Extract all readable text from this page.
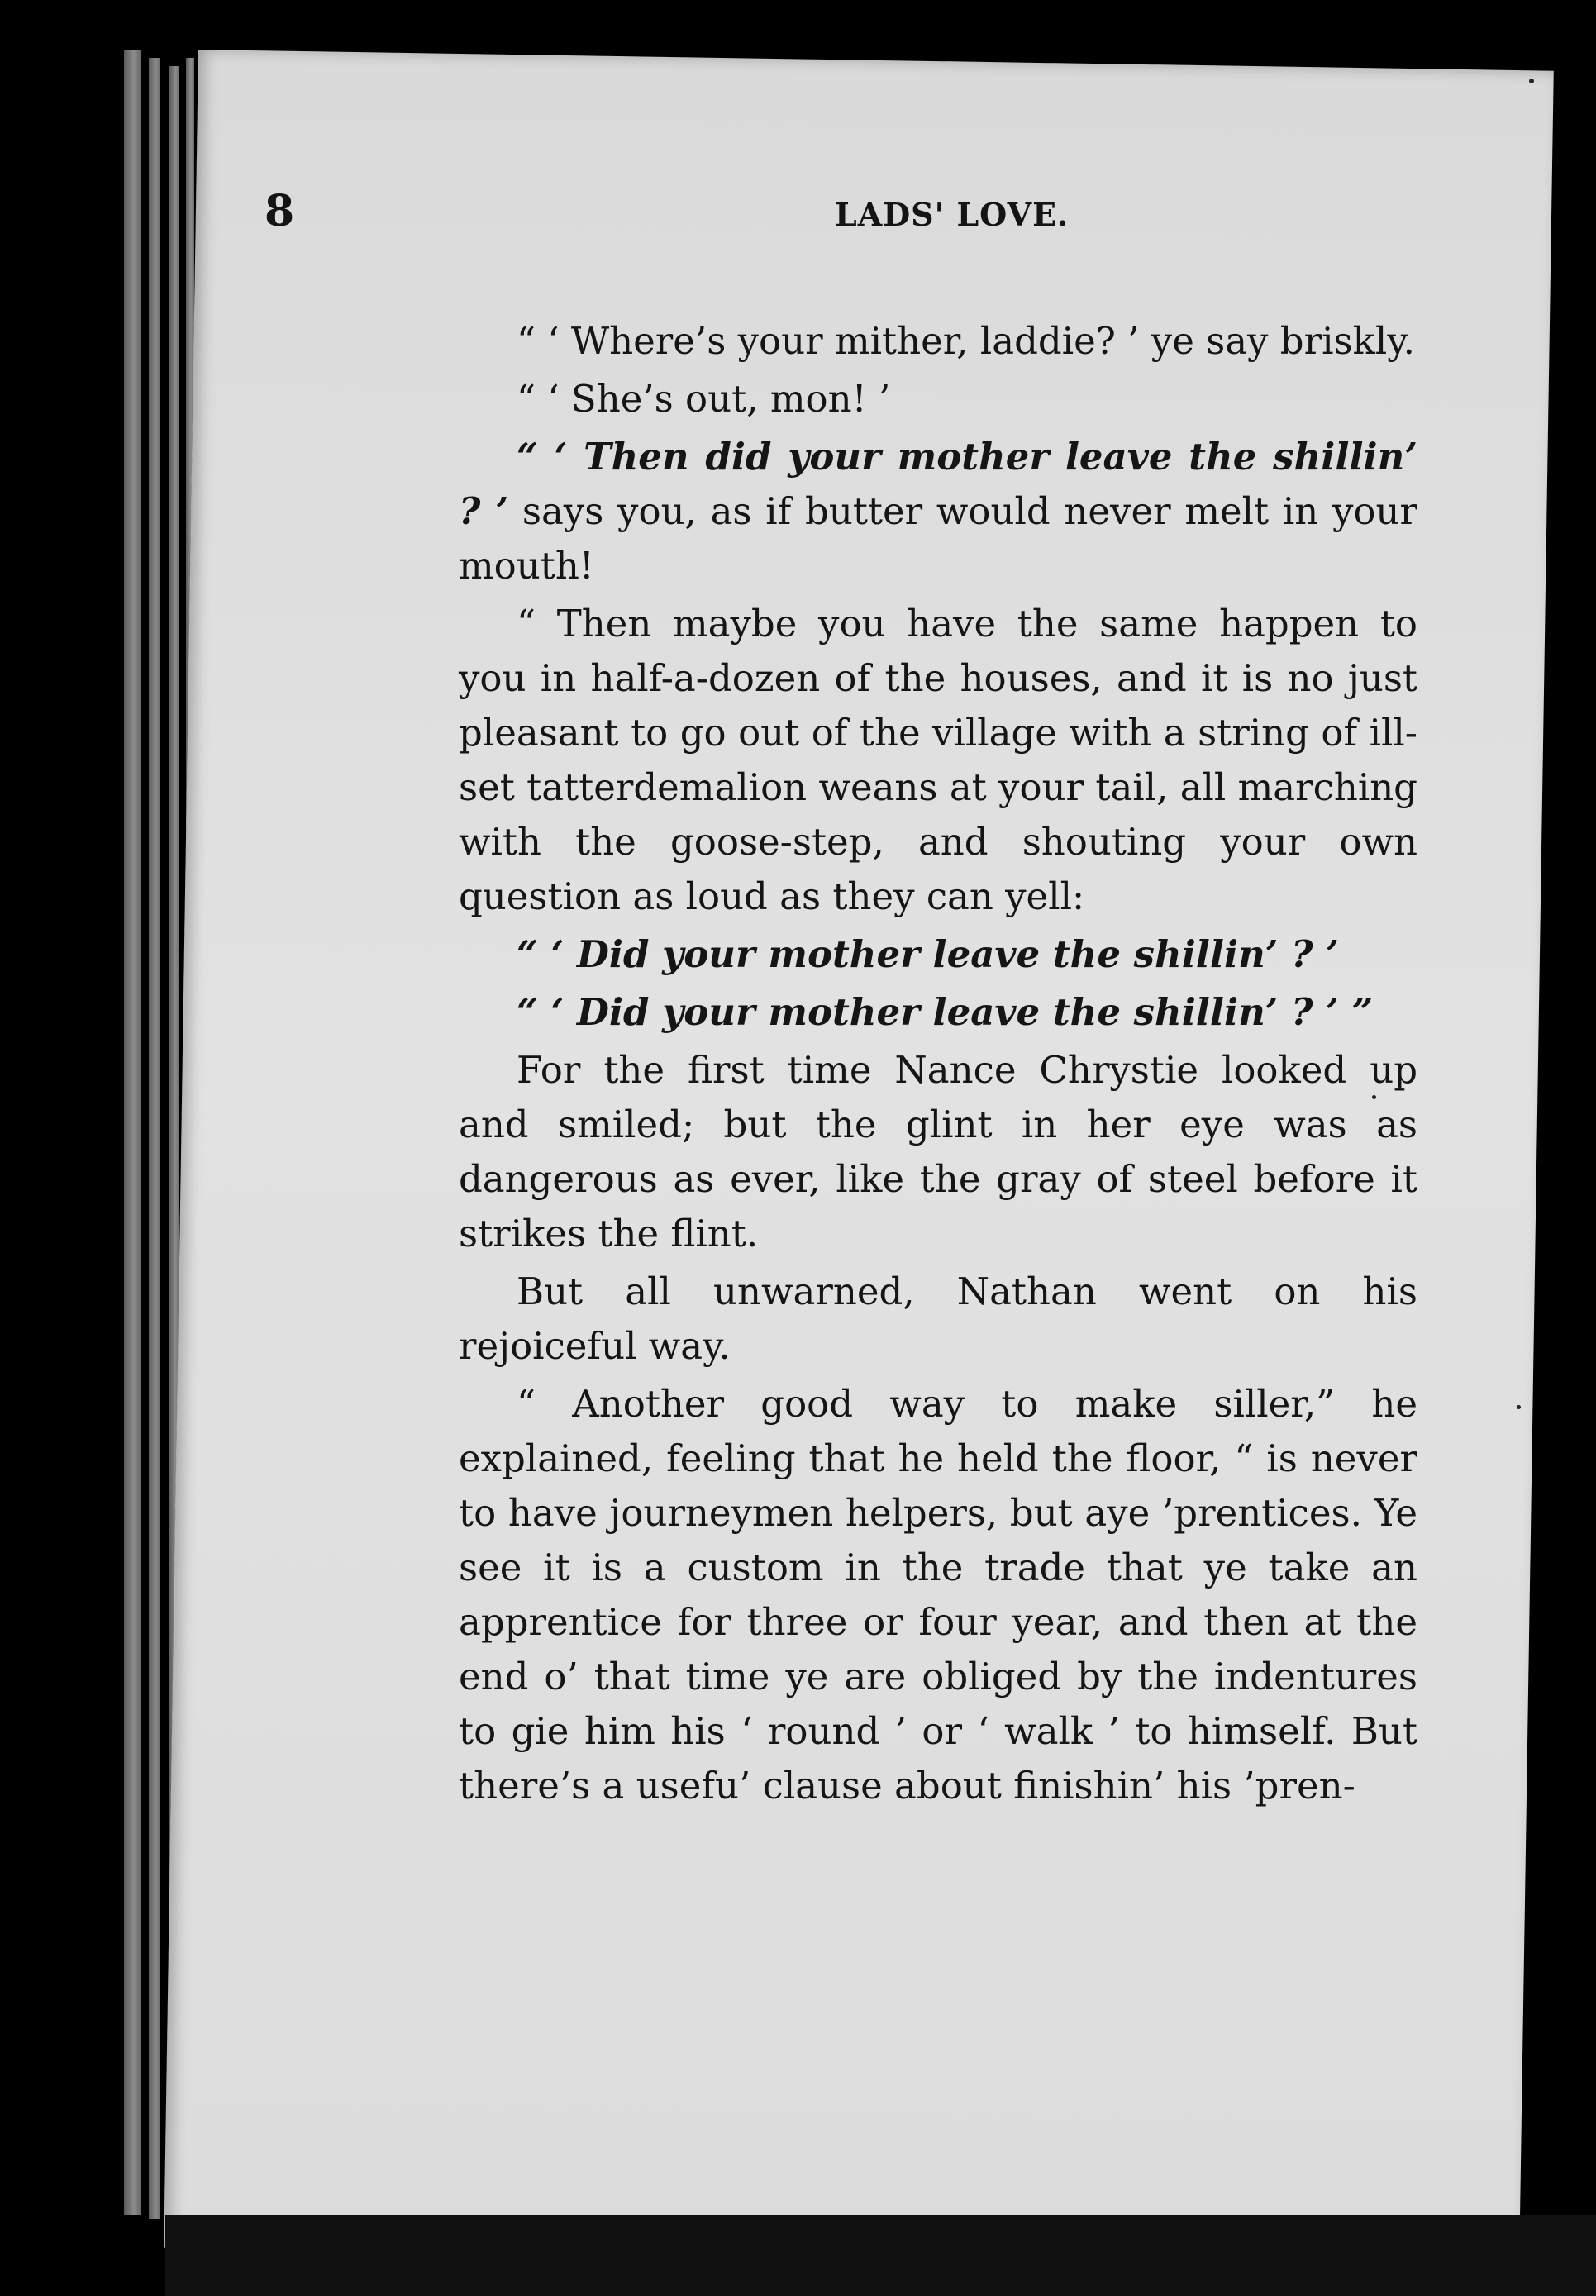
8	LADS' LOVE.

“ ‘ Where’s your mither, laddie? ’ ye say briskly.

“ ‘ She’s out, mon! ’

“ ‘ Then did your mother leave the shillin’ ? ’ says you, as if butter would never melt in your mouth!

“ Then maybe you have the same happen to you in half-a-dozen of the houses, and it is no just pleasant to go out of the village with a string of ill-set tatterdemalion weans at your tail, all marching with the goose-step, and shouting your own question as loud as they can yell:

“ ‘ Did your mother leave the shillin’ ? ’

“ ‘ Did your mother leave the shillin’ ? ’ ”

For the first time Nance Chrystie looked up and smiled; but the glint in her eye was as dangerous as ever, like the gray of steel before it strikes the flint.

But all unwarned, Nathan went on his rejoiceful way.

“ Another good way to make siller,” he explained, feeling that he held the floor, “ is never to have journeymen helpers, but aye ’prentices. Ye see it is a custom in the trade that ye take an apprentice for three or four year, and then at the end o’ that time ye are obliged by the indentures to gie him his ‘ round ’ or ‘ walk ’ to himself. But there’s a usefu’ clause about finishin’ his ’pren-
